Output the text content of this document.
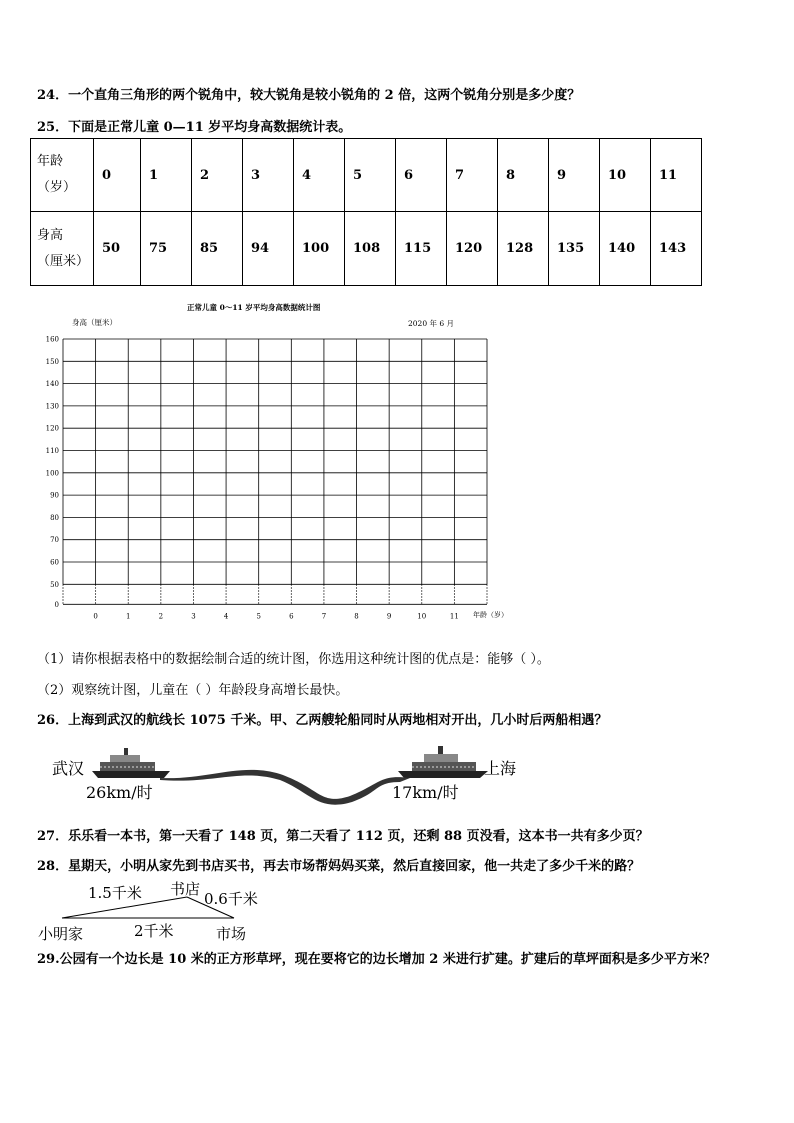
24．一个直角三角形的两个锐角中，较大锐角是较小锐角的 2 倍，这两个锐角分别是多少度？
25．下面是正常儿童 0—11 岁平均身高数据统计表。
年龄
（岁）	0	1	2	3	4	5	6	7	8	9	10	11

身高
（厘米）	50	75	85	94	100	108	115	120	128	135	140	143
正常儿童 0～11 岁平均身高数据统计图
2020 年 6 月
身高（厘米）
年龄（岁）
160
150
140
130
120
110
100
90
80
70
60
50
0
0	1	2	3	4	5	6	7	8	9	10	11
（1）请你根据表格中的数据绘制合适的统计图，你选用这种统计图的优点是：能够（ ）。
（2）观察统计图，儿童在（ ）年龄段身高增长最快。
26．上海到武汉的航线长 1075 千米。甲、乙两艘轮船同时从两地相对开出，几小时后两船相遇？
武汉	上海
26km/时	17km/时
27．乐乐看一本书，第一天看了 148 页，第二天看了 112 页，还剩 88 页没看，这本书一共有多少页？
28．星期天，小明从家先到书店买书，再去市场帮妈妈买菜，然后直接回家，他一共走了多少千米的路？
书店
1.5千米	0.6千米
2千米
小明家	市场
29.公园有一个边长是 10 米的正方形草坪，现在要将它的边长增加 2 米进行扩建。扩建后的草坪面积是多少平方米？
